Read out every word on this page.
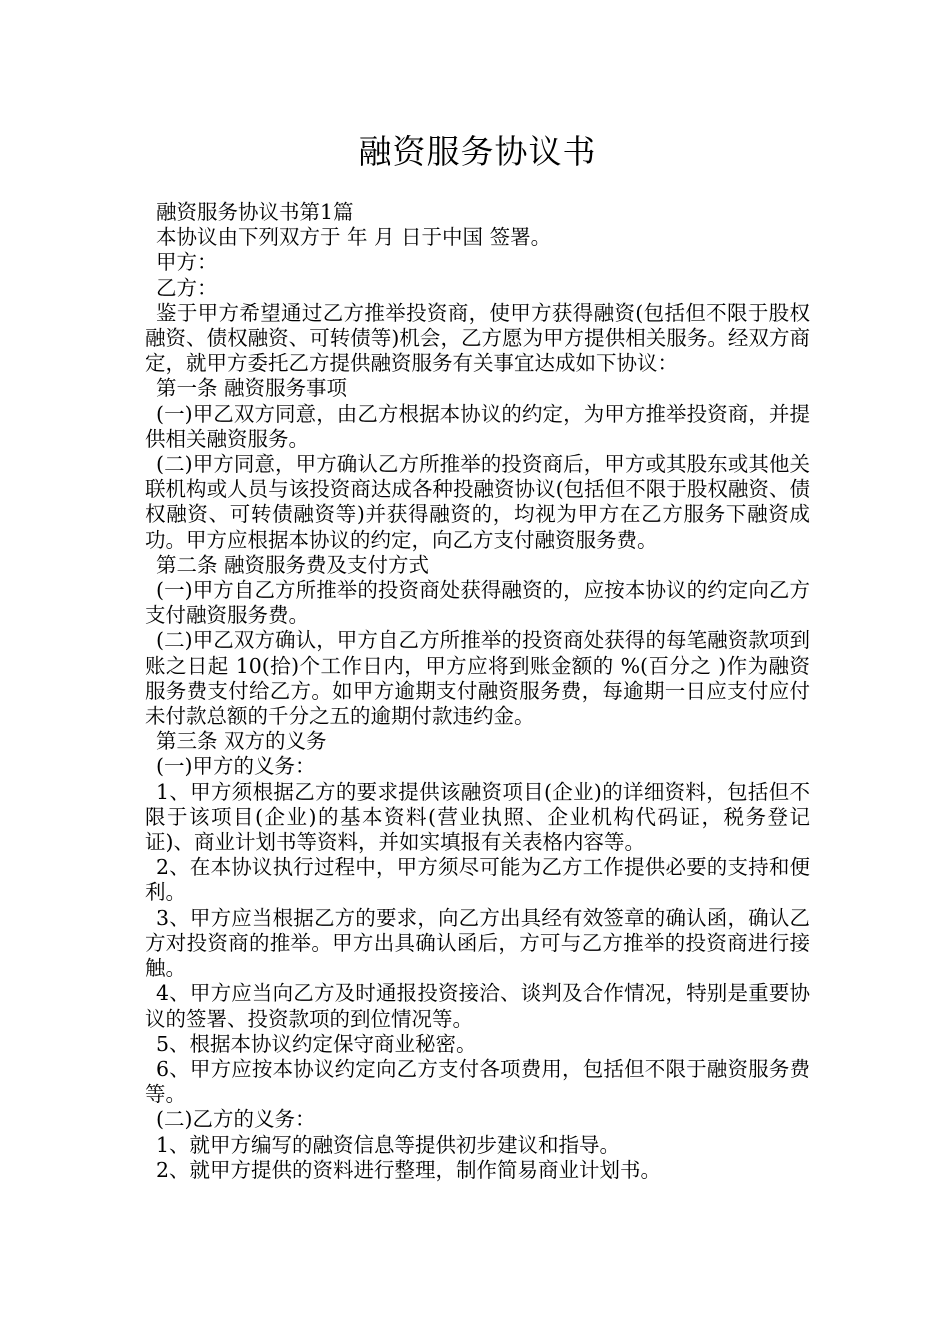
融资服务协议书

融资服务协议书第1篇

本协议由下列双方于 年 月 日于中国 签署。

甲方：

乙方：

鉴于甲方希望通过乙方推举投资商，使甲方获得融资(包括但不限于股权融资、债权融资、可转债等)机会，乙方愿为甲方提供相关服务。经双方商定，就甲方委托乙方提供融资服务有关事宜达成如下协议：

第一条 融资服务事项

(一)甲乙双方同意，由乙方根据本协议的约定，为甲方推举投资商，并提供相关融资服务。

(二)甲方同意，甲方确认乙方所推举的投资商后，甲方或其股东或其他关联机构或人员与该投资商达成各种投融资协议(包括但不限于股权融资、债权融资、可转债融资等)并获得融资的，均视为甲方在乙方服务下融资成功。甲方应根据本协议的约定，向乙方支付融资服务费。

第二条 融资服务费及支付方式

(一)甲方自乙方所推举的投资商处获得融资的，应按本协议的约定向乙方支付融资服务费。

(二)甲乙双方确认，甲方自乙方所推举的投资商处获得的每笔融资款项到账之日起 10(拾)个工作日内，甲方应将到账金额的 %(百分之 )作为融资服务费支付给乙方。如甲方逾期支付融资服务费，每逾期一日应支付应付未付款总额的千分之五的逾期付款违约金。

第三条 双方的义务

(一)甲方的义务：

1、甲方须根据乙方的要求提供该融资项目(企业)的详细资料，包括但不限于该项目(企业)的基本资料(营业执照、企业机构代码证，税务登记证)、商业计划书等资料，并如实填报有关表格内容等。

2、在本协议执行过程中，甲方须尽可能为乙方工作提供必要的支持和便利。

3、甲方应当根据乙方的要求，向乙方出具经有效签章的确认函，确认乙方对投资商的推举。甲方出具确认函后，方可与乙方推举的投资商进行接触。

4、甲方应当向乙方及时通报投资接洽、谈判及合作情况，特别是重要协议的签署、投资款项的到位情况等。

5、根据本协议约定保守商业秘密。

6、甲方应按本协议约定向乙方支付各项费用，包括但不限于融资服务费等。

(二)乙方的义务：

1、就甲方编写的融资信息等提供初步建议和指导。

2、就甲方提供的资料进行整理，制作简易商业计划书。
